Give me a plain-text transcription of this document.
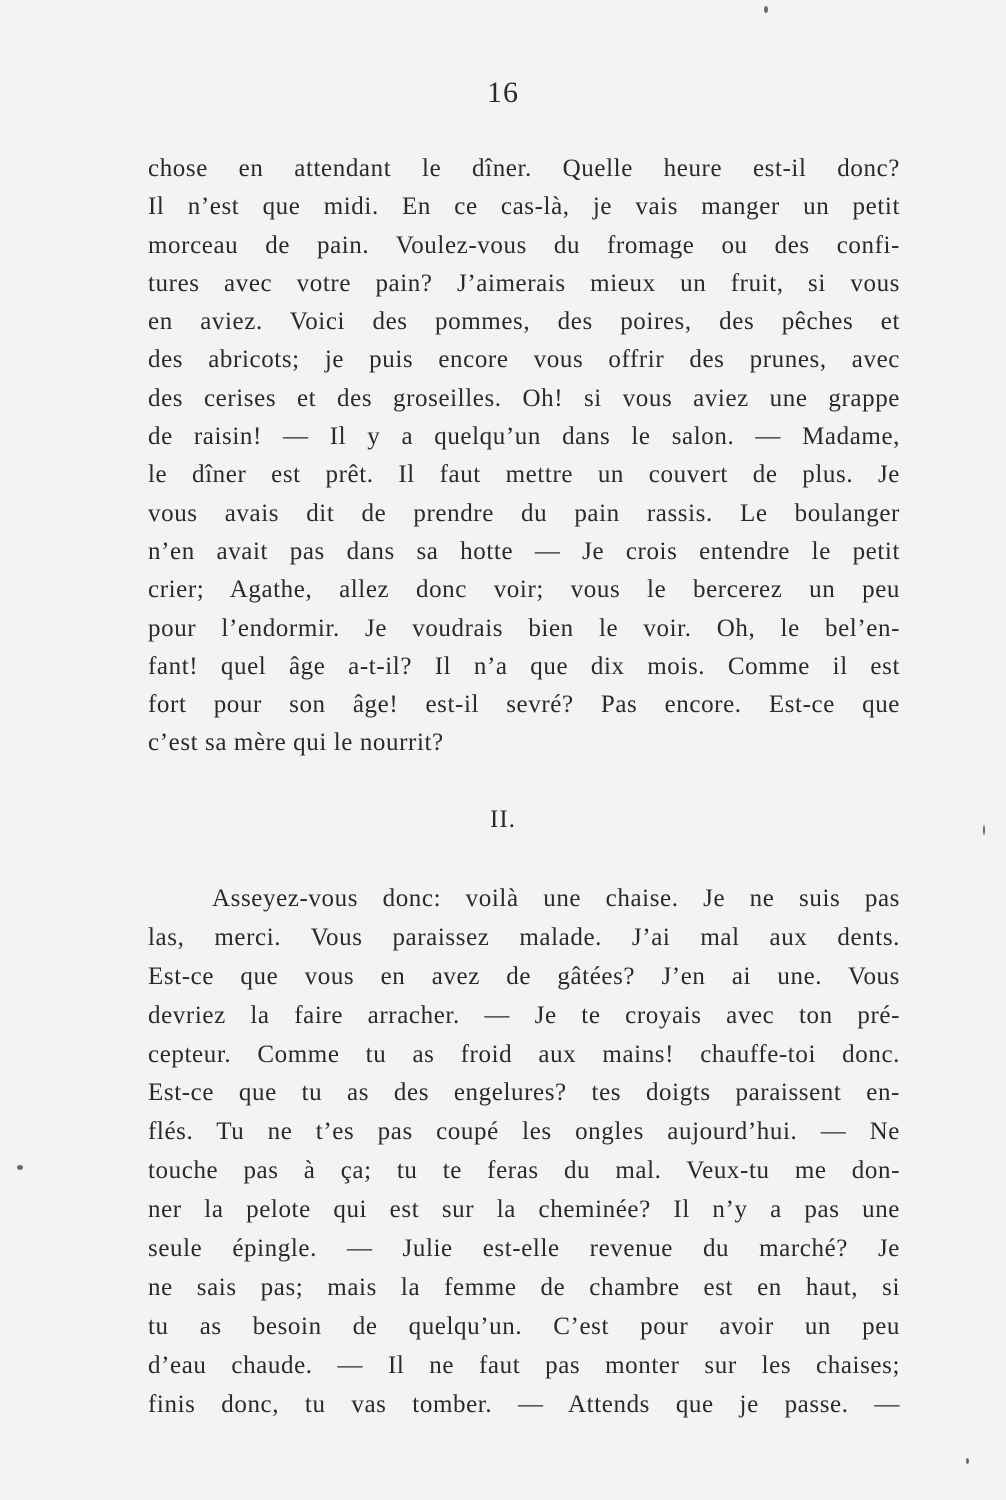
16
chose en attendant le dîner. Quelle heure est-il donc?
Il n’est que midi. En ce cas-là, je vais manger un petit
morceau de pain. Voulez-vous du fromage ou des confi-
tures avec votre pain? J’aimerais mieux un fruit, si vous
en aviez. Voici des pommes, des poires, des pêches et
des abricots; je puis encore vous offrir des prunes, avec
des cerises et des groseilles. Oh! si vous aviez une grappe
de raisin! — Il y a quelqu’un dans le salon. — Madame,
le dîner est prêt. Il faut mettre un couvert de plus. Je
vous avais dit de prendre du pain rassis. Le boulanger
n’en avait pas dans sa hotte — Je crois entendre le petit
crier; Agathe, allez donc voir; vous le bercerez un peu
pour l’endormir. Je voudrais bien le voir. Oh, le bel’en-
fant! quel âge a-t-il? Il n’a que dix mois. Comme il est
fort pour son âge! est-il sevré? Pas encore. Est-ce que
c’est sa mère qui le nourrit?
II.
Asseyez-vous donc: voilà une chaise. Je ne suis pas
las, merci. Vous paraissez malade. J’ai mal aux dents.
Est-ce que vous en avez de gâtées? J’en ai une. Vous
devriez la faire arracher. — Je te croyais avec ton pré-
cepteur. Comme tu as froid aux mains! chauffe-toi donc.
Est-ce que tu as des engelures? tes doigts paraissent en-
flés. Tu ne t’es pas coupé les ongles aujourd’hui. — Ne
touche pas à ça; tu te feras du mal. Veux-tu me don-
ner la pelote qui est sur la cheminée? Il n’y a pas une
seule épingle. — Julie est-elle revenue du marché? Je
ne sais pas; mais la femme de chambre est en haut, si
tu as besoin de quelqu’un. C’est pour avoir un peu
d’eau chaude. — Il ne faut pas monter sur les chaises;
finis donc, tu vas tomber. — Attends que je passe. —
